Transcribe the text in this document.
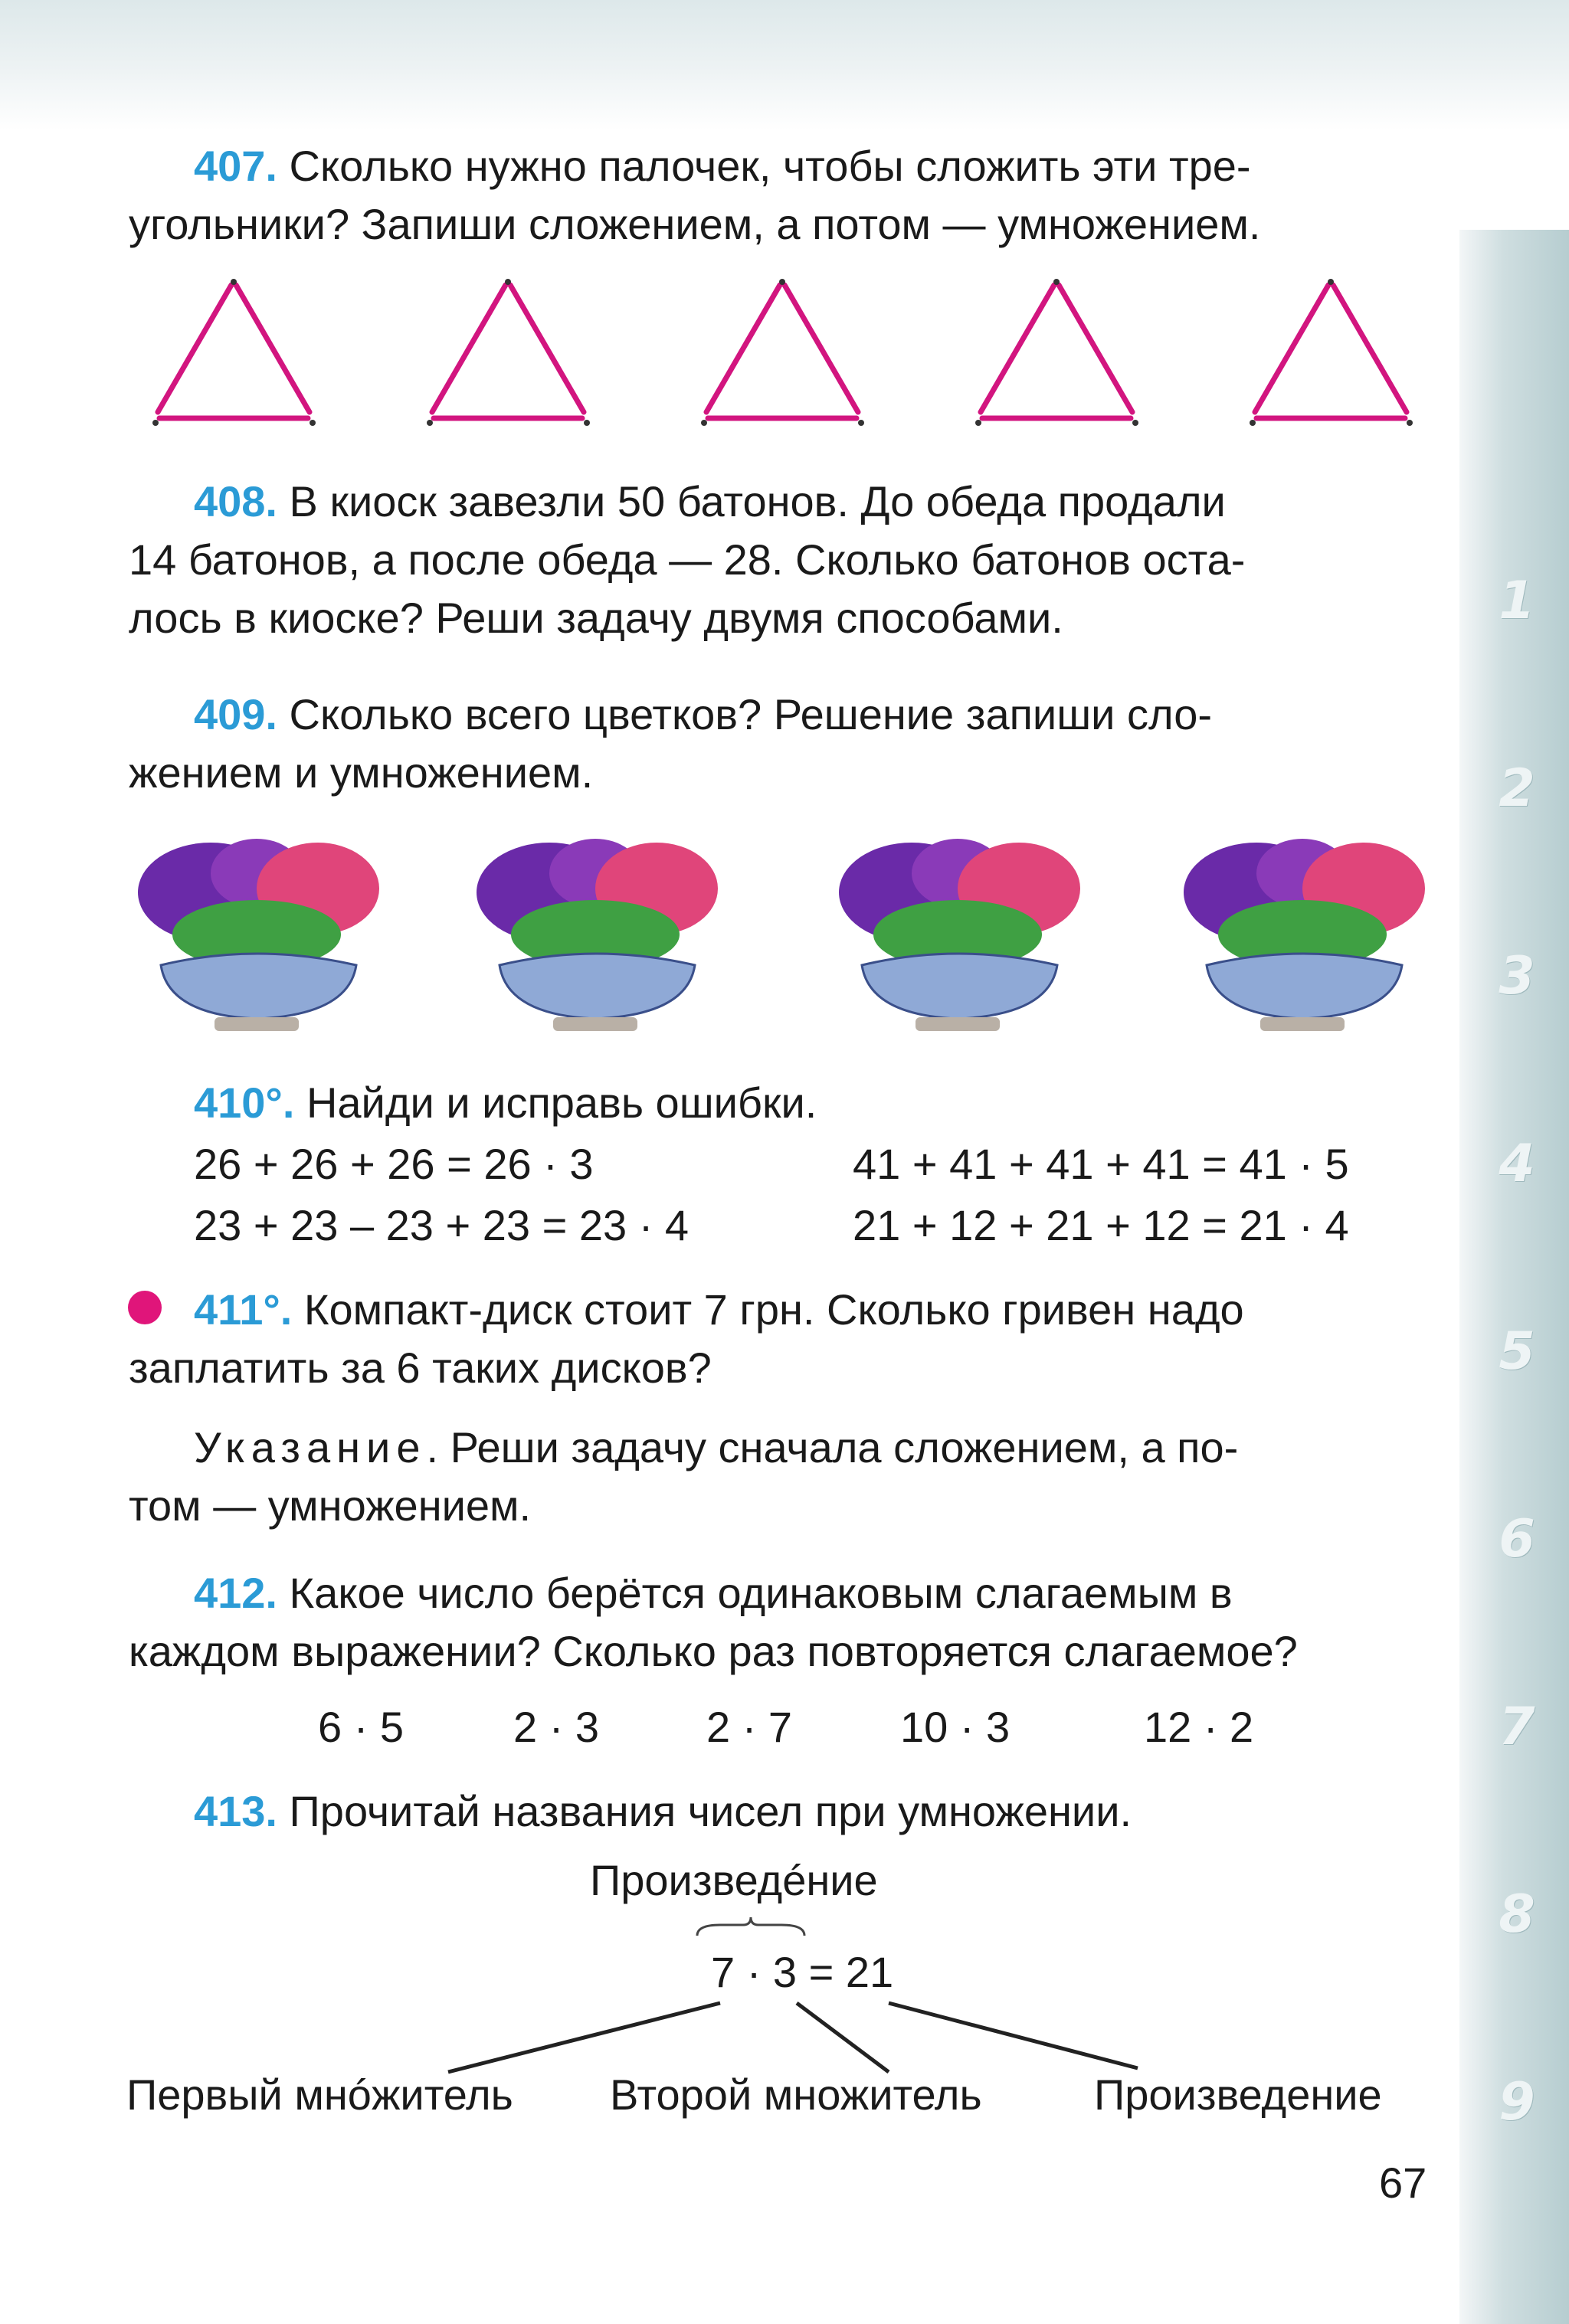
1
2
3
4
5
6
7
8
9
407. Сколько нужно палочек, чтобы сложить эти тре-
угольники? Запиши сложением, а потом — умножением.
408. В киоск завезли 50 батонов. До обеда продали
14 батонов, а после обеда — 28. Сколько батонов оста-
лось в киоске? Реши задачу двумя способами.
409. Сколько всего цветков? Решение запиши сло-
жением и умножением.
410°. Найди и исправь ошибки.
26 + 26 + 26 = 26 · 3	41 + 41 + 41 + 41 = 41 · 5
23 + 23 – 23 + 23 = 23 · 4	21 + 12 + 21 + 12 = 21 · 4
411°. Компакт-диск стоит 7 грн. Сколько гривен надо
заплатить за 6 таких дисков?
Указание. Реши задачу сначала сложением, а по-
том — умножением.
412. Какое число берётся одинаковым слагаемым в
каждом выражении? Сколько раз повторяется слагаемое?
6 · 5	2 · 3 2 · 7	10 · 3	12 · 2
413. Прочитай названия чисел при умножении.
Произведéние
7 · 3 = 21
Первый мнóжитель Второй множитель	Произведение
67
